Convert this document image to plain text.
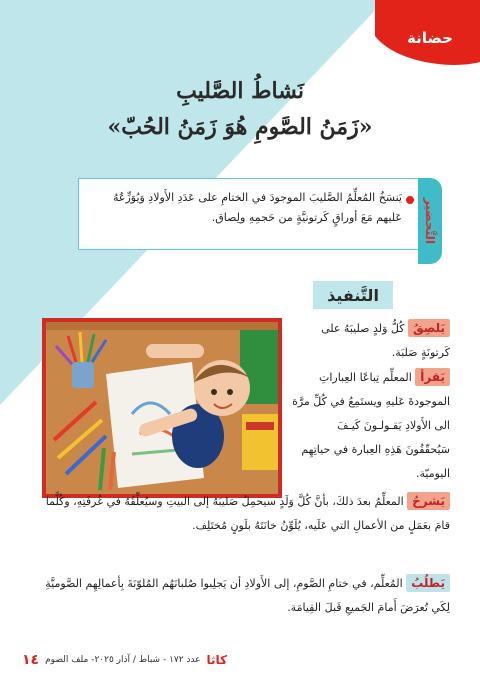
حضانة
نَشاطُ الصَّليبِ
«زَمَنُ الصَّومِ هُوَ زَمَنُ الحُبّ»
التَّحضير
يَنسَخُ المُعلِّمُ الصَّليبَ الموجودَ في الختامِ على عَدَدِ الأَولادِ وَيُوَزِّعُهُ عَليهم مَعَ أوراقٍ كَرتونيَّةٍ من حَجمِهِ ولِصاق.
التَّنفيذ
يَلصِقُ كُلُّ وَلدٍ صليبَهُ على كَرتونَةٍ صَلبَة.
يَقرأ المعلِّم تِباعًا العِباراتِ الموجودةَ عَليهِ ويستَمِعُ في كُلِّ مرَّة الى الأَولادِ يَقـولـونَ كَيـفَ سَيُحقّقُونَ هَذِهِ العِبارة في حياتِهِم اليوميّة.
يَشرحُ المعلِّمُ بعدَ ذلكَ، بأنَّ كُلَّ وَلَدٍ سيحمِلُ صَليبَهُ إلى البيتِ وسيُعلِّقُهُ في غُرفَتِهِ، وكُلَّما قامَ بعَمَلٍ من الأعمالِ التي عَلَيه، يُلَوِّنُ خانَتَهُ بلَونٍ مُختَلِف.
يَطلُبُ المُعلِّم، في ختامِ الصَّومِ، إلى الأَولادِ أن يَجلِبوا صُلبانَهُم المُلوّنَةَ بِأعمالِهِم الصَّوميَّةِ لِكَي تُعرَضَ أَمامَ الجَميعِ قَبلَ القِيامَة.
١٤ عدد ١٧٢ - شباط / آذار ٢٠٢٥- ملف الصوم كاثا
